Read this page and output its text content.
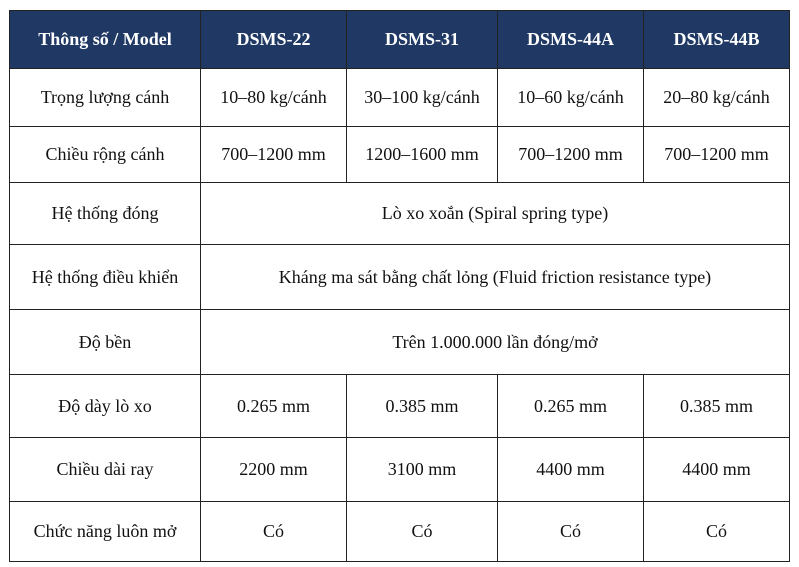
Thông số / Model	DSMS-22	DSMS-31	DSMS-44A	DSMS-44B
Trọng lượng cánh	10–80 kg/cánh	30–100 kg/cánh	10–60 kg/cánh	20–80 kg/cánh
Chiều rộng cánh	700–1200 mm	1200–1600 mm	700–1200 mm	700–1200 mm
Hệ thống đóng	Lò xo xoắn (Spiral spring type)			
Hệ thống điều khiển	Kháng ma sát bằng chất lỏng (Fluid friction resistance type)			
Độ bền	Trên 1.000.000 lần đóng/mở			
Độ dày lò xo	0.265 mm	0.385 mm	0.265 mm	0.385 mm
Chiều dài ray	2200 mm	3100 mm	4400 mm	4400 mm
Chức năng luôn mở	Có	Có	Có	Có
